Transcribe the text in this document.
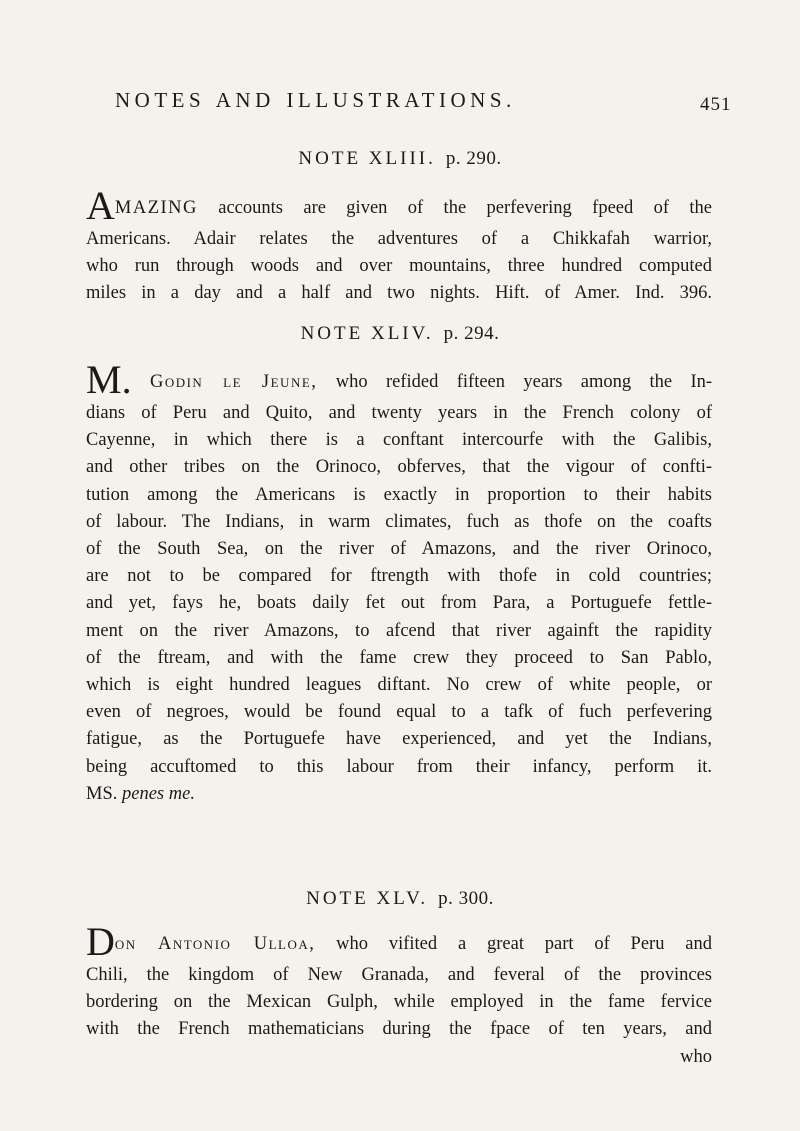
NOTES AND ILLUSTRATIONS.	451
NOTE XLIII. p. 290.
AMAZING accounts are given of the perfevering fpeed of the
Americans. Adair relates the adventures of a Chikkafah warrior,
who run through woods and over mountains, three hundred computed
miles in a day and a half and two nights. Hift. of Amer. Ind. 396.
NOTE XLIV. p. 294.
M. Godin le Jeune, who refided fifteen years among the In-
dians of Peru and Quito, and twenty years in the French colony of
Cayenne, in which there is a conftant intercourfe with the Galibis,
and other tribes on the Orinoco, obferves, that the vigour of confti-
tution among the Americans is exactly in proportion to their habits
of labour. The Indians, in warm climates, fuch as thofe on the coafts
of the South Sea, on the river of Amazons, and the river Orinoco,
are not to be compared for ftrength with thofe in cold countries;
and yet, fays he, boats daily fet out from Para, a Portuguefe fettle-
ment on the river Amazons, to afcend that river againft the rapidity
of the ftream, and with the fame crew they proceed to San Pablo,
which is eight hundred leagues diftant. No crew of white people, or
even of negroes, would be found equal to a tafk of fuch perfevering
fatigue, as the Portuguefe have experienced, and yet the Indians,
being accuftomed to this labour from their infancy, perform it.
MS. penes me.
NOTE XLV. p. 300.
Don Antonio Ulloa, who vifited a great part of Peru and
Chili, the kingdom of New Granada, and feveral of the provinces
bordering on the Mexican Gulph, while employed in the fame fervice
with the French mathematicians during the fpace of ten years, and
who
